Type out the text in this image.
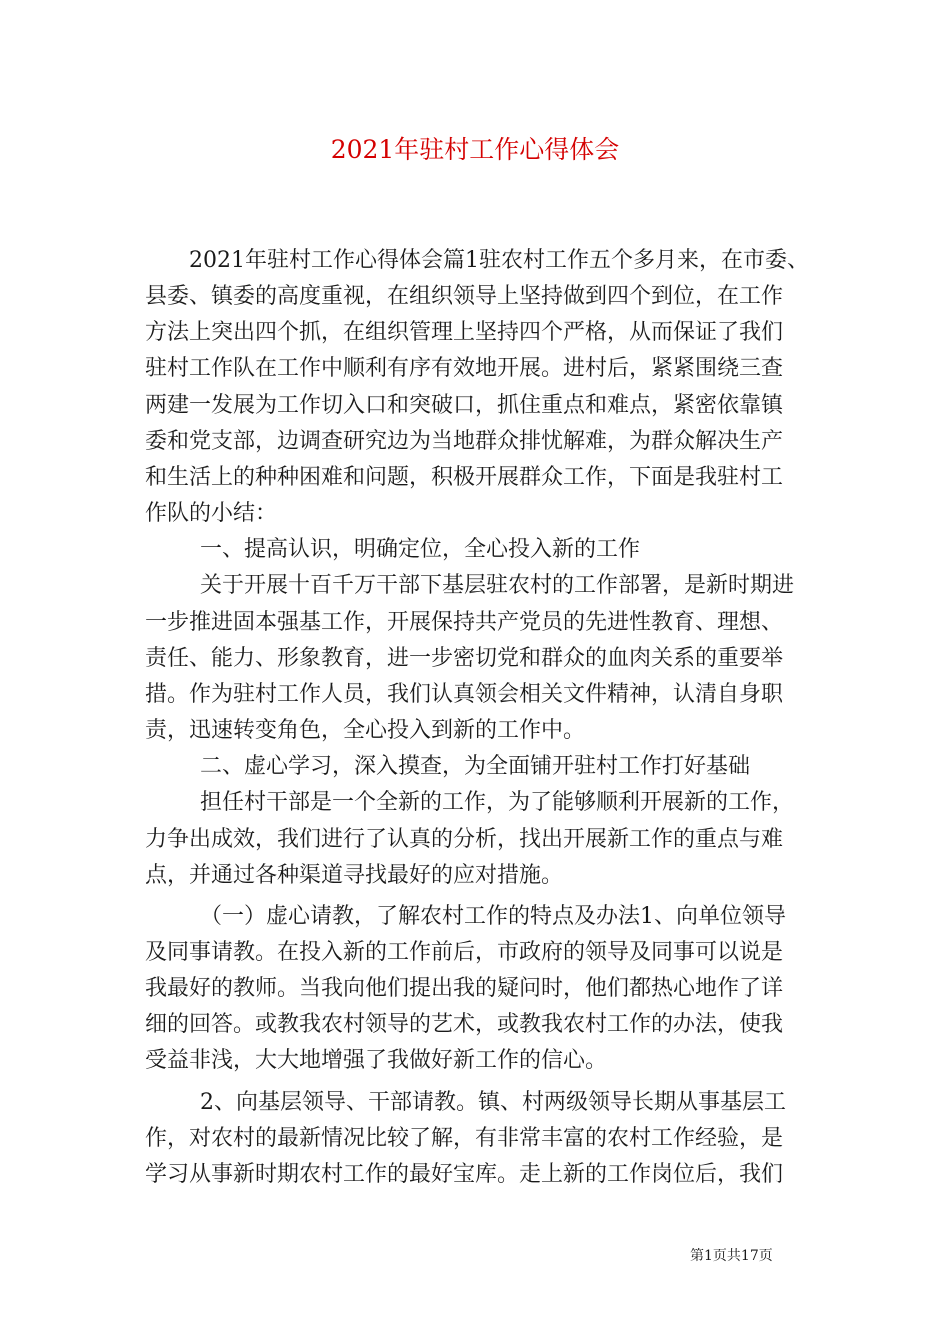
2021年驻村工作心得体会
2021年驻村工作心得体会篇1驻农村工作五个多月来，在市委、
县委、镇委的高度重视，在组织领导上坚持做到四个到位，在工作
方法上突出四个抓，在组织管理上坚持四个严格，从而保证了我们
驻村工作队在工作中顺利有序有效地开展。进村后，紧紧围绕三查
两建一发展为工作切入口和突破口，抓住重点和难点，紧密依靠镇
委和党支部，边调查研究边为当地群众排忧解难，为群众解决生产
和生活上的种种困难和问题，积极开展群众工作，下面是我驻村工
作队的小结：
一、提高认识，明确定位，全心投入新的工作
关于开展十百千万干部下基层驻农村的工作部署，是新时期进
一步推进固本强基工作，开展保持共产党员的先进性教育、理想、
责任、能力、形象教育，进一步密切党和群众的血肉关系的重要举
措。作为驻村工作人员，我们认真领会相关文件精神，认清自身职
责，迅速转变角色，全心投入到新的工作中。
二、虚心学习，深入摸查，为全面铺开驻村工作打好基础
担任村干部是一个全新的工作，为了能够顺利开展新的工作，
力争出成效，我们进行了认真的分析，找出开展新工作的重点与难
点，并通过各种渠道寻找最好的应对措施。
（一）虚心请教，了解农村工作的特点及办法1、向单位领导
及同事请教。在投入新的工作前后，市政府的领导及同事可以说是
我最好的教师。当我向他们提出我的疑问时，他们都热心地作了详
细的回答。或教我农村领导的艺术，或教我农村工作的办法，使我
受益非浅，大大地增强了我做好新工作的信心。
2、向基层领导、干部请教。镇、村两级领导长期从事基层工
作，对农村的最新情况比较了解，有非常丰富的农村工作经验，是
学习从事新时期农村工作的最好宝库。走上新的工作岗位后，我们
第1页共17页
